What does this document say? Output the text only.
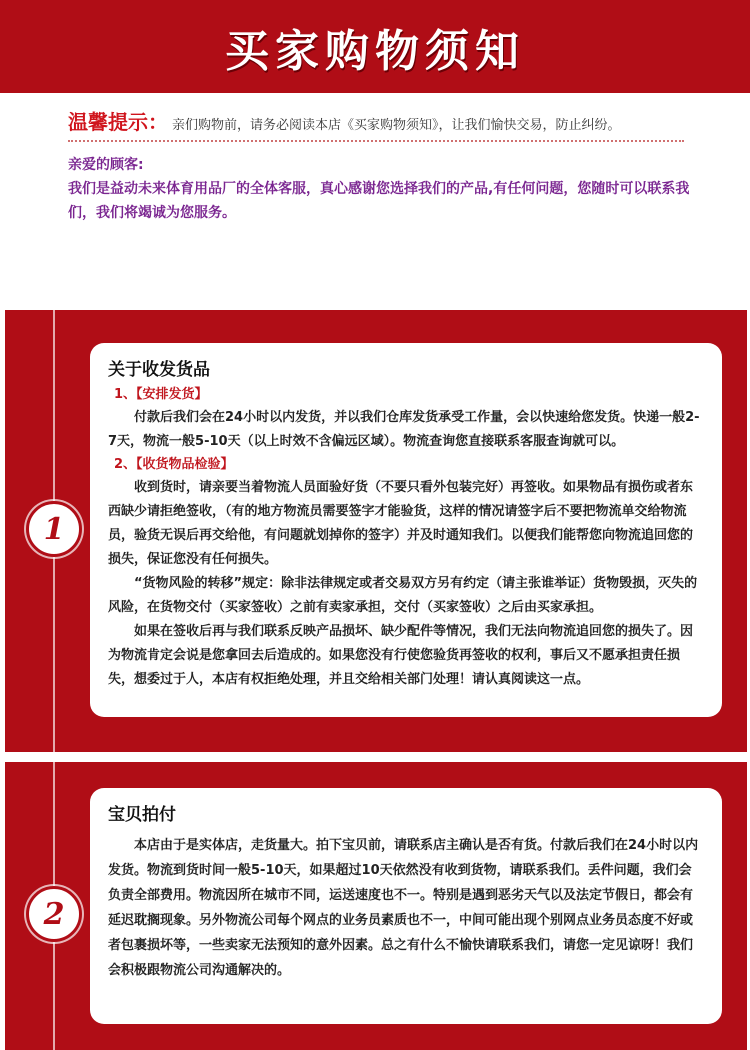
买家购物须知
温馨提示： 亲们购物前，请务必阅读本店《买家购物须知》，让我们愉快交易，防止纠纷。
亲爱的顾客:
我们是益动未来体育用品厂的全体客服，真心感谢您选择我们的产品,有任何问题，您随时可以联系我们，我们将竭诚为您服务。
1
关于收发货品
1、【安排发货】

付款后我们会在24小时以内发货，并以我们仓库发货承受工作量，会以快速给您发货。快递一般2-7天，物流一般5-10天（以上时效不含偏远区域）。物流查询您直接联系客服查询就可以。

2、【收货物品检验】

收到货时，请亲要当着物流人员面验好货（不要只看外包装完好）再签收。如果物品有损伤或者东西缺少请拒绝签收，（有的地方物流员需要签字才能验货，这样的情况请签字后不要把物流单交给物流员，验货无误后再交给他，有问题就划掉你的签字）并及时通知我们。以便我们能帮您向物流追回您的损失，保证您没有任何损失。

“货物风险的转移”规定：除非法律规定或者交易双方另有约定（请主张谁举证）货物毁损，灭失的风险，在货物交付（买家签收）之前有卖家承担，交付（买家签收）之后由买家承担。

如果在签收后再与我们联系反映产品损坏、缺少配件等情况，我们无法向物流追回您的损失了。因为物流肯定会说是您拿回去后造成的。如果您没有行使您验货再签收的权利，事后又不愿承担责任损失，想委过于人，本店有权拒绝处理，并且交给相关部门处理！请认真阅读这一点。

2
宝贝拍付

本店由于是实体店，走货量大。拍下宝贝前，请联系店主确认是否有货。付款后我们在24小时以内发货。物流到货时间一般5-10天，如果超过10天依然没有收到货物，请联系我们。丢件问题，我们会负责全部费用。物流因所在城市不同，运送速度也不一。特别是遇到恶劣天气以及法定节假日，都会有延迟耽搁现象。另外物流公司每个网点的业务员素质也不一，中间可能出现个别网点业务员态度不好或者包裹损坏等，一些卖家无法预知的意外因素。总之有什么不愉快请联系我们，请您一定见谅呀！我们会积极跟物流公司沟通解决的。
